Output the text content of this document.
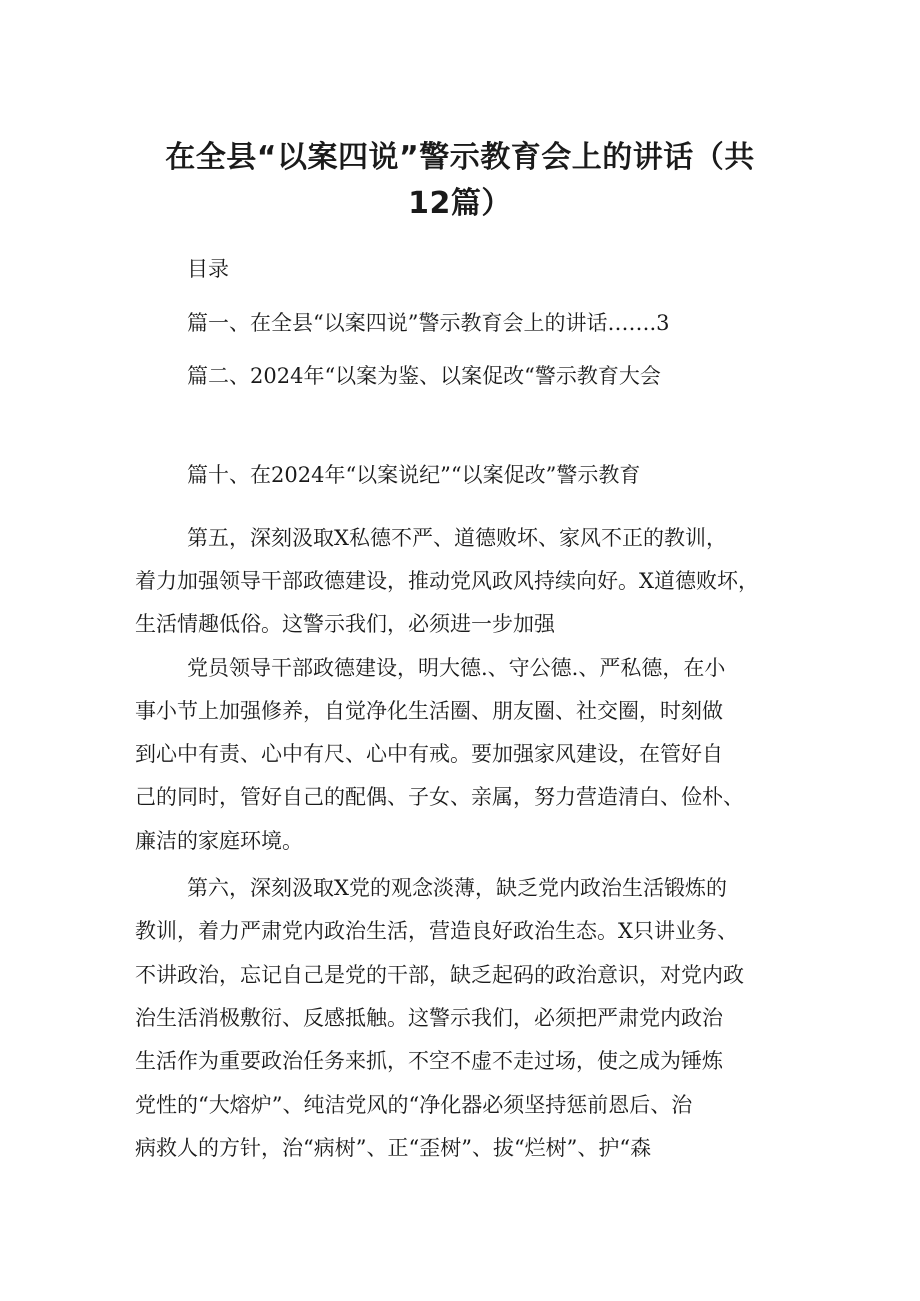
在全县“以案四说”警示教育会上的讲话（共
12篇）

目录

篇一、在全县“以案四说”警示教育会上的讲话…….3

篇二、2024年“以案为鉴、以案促改“警示教育大会

篇十、在2024年“以案说纪”“以案促改”警示教育

第五，深刻汲取X私德不严、道德败坏、家风不正的教训，

着力加强领导干部政德建设，推动党风政风持续向好。X道德败坏，

生活情趣低俗。这警示我们，必须进一步加强

党员领导干部政德建设，明大德.、守公德.、严私德，在小

事小节上加强修养，自觉净化生活圈、朋友圈、社交圈，时刻做

到心中有责、心中有尺、心中有戒。要加强家风建设，在管好自

己的同时，管好自己的配偶、子女、亲属，努力营造清白、俭朴、

廉洁的家庭环境。

第六，深刻汲取X党的观念淡薄，缺乏党内政治生活锻炼的

教训，着力严肃党内政治生活，营造良好政治生态。X只讲业务、

不讲政治，忘记自己是党的干部，缺乏起码的政治意识，对党内政

治生活消极敷衍、反感抵触。这警示我们，必须把严肃党内政治

生活作为重要政治任务来抓，不空不虚不走过场，使之成为锤炼

党性的“大熔炉”、纯洁党风的“净化器必须坚持惩前恩后、治

病救人的方针，治“病树”、正“歪树”、拔“烂树”、护“森
